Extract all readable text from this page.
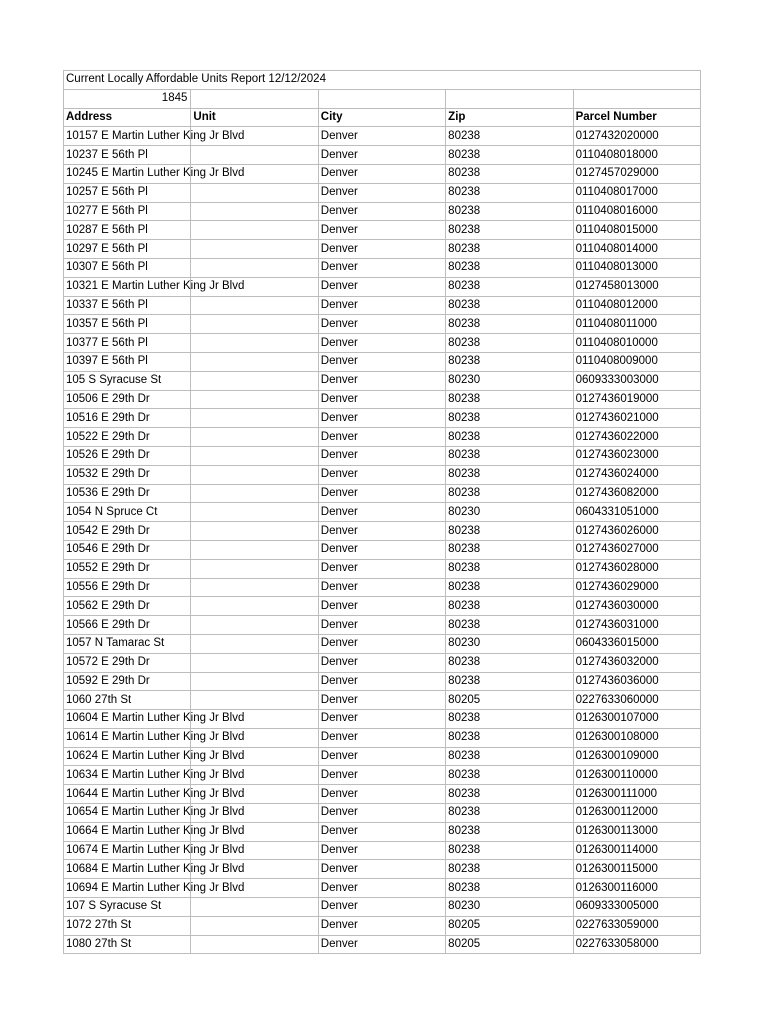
Current Locally Affordable Units Report 12/12/2024				
1845				
Address	Unit	City	Zip	Parcel Number
10157 E Martin Luther King Jr Blvd		Denver	80238	0127432020000
10237 E 56th Pl		Denver	80238	0110408018000
10245 E Martin Luther King Jr Blvd		Denver	80238	0127457029000
10257 E 56th Pl		Denver	80238	0110408017000
10277 E 56th Pl		Denver	80238	0110408016000
10287 E 56th Pl		Denver	80238	0110408015000
10297 E 56th Pl		Denver	80238	0110408014000
10307 E 56th Pl		Denver	80238	0110408013000
10321 E Martin Luther King Jr Blvd		Denver	80238	0127458013000
10337 E 56th Pl		Denver	80238	0110408012000
10357 E 56th Pl		Denver	80238	0110408011000
10377 E 56th Pl		Denver	80238	0110408010000
10397 E 56th Pl		Denver	80238	0110408009000
105 S Syracuse St		Denver	80230	0609333003000
10506 E 29th Dr		Denver	80238	0127436019000
10516 E 29th Dr		Denver	80238	0127436021000
10522 E 29th Dr		Denver	80238	0127436022000
10526 E 29th Dr		Denver	80238	0127436023000
10532 E 29th Dr		Denver	80238	0127436024000
10536 E 29th Dr		Denver	80238	0127436082000
1054 N Spruce Ct		Denver	80230	0604331051000
10542 E 29th Dr		Denver	80238	0127436026000
10546 E 29th Dr		Denver	80238	0127436027000
10552 E 29th Dr		Denver	80238	0127436028000
10556 E 29th Dr		Denver	80238	0127436029000
10562 E 29th Dr		Denver	80238	0127436030000
10566 E 29th Dr		Denver	80238	0127436031000
1057 N Tamarac St		Denver	80230	0604336015000
10572 E 29th Dr		Denver	80238	0127436032000
10592 E 29th Dr		Denver	80238	0127436036000
1060 27th St		Denver	80205	0227633060000
10604 E Martin Luther King Jr Blvd		Denver	80238	0126300107000
10614 E Martin Luther King Jr Blvd		Denver	80238	0126300108000
10624 E Martin Luther King Jr Blvd		Denver	80238	0126300109000
10634 E Martin Luther King Jr Blvd		Denver	80238	0126300110000
10644 E Martin Luther King Jr Blvd		Denver	80238	0126300111000
10654 E Martin Luther King Jr Blvd		Denver	80238	0126300112000
10664 E Martin Luther King Jr Blvd		Denver	80238	0126300113000
10674 E Martin Luther King Jr Blvd		Denver	80238	0126300114000
10684 E Martin Luther King Jr Blvd		Denver	80238	0126300115000
10694 E Martin Luther King Jr Blvd		Denver	80238	0126300116000
107 S Syracuse St		Denver	80230	0609333005000
1072 27th St		Denver	80205	0227633059000
1080 27th St		Denver	80205	0227633058000
